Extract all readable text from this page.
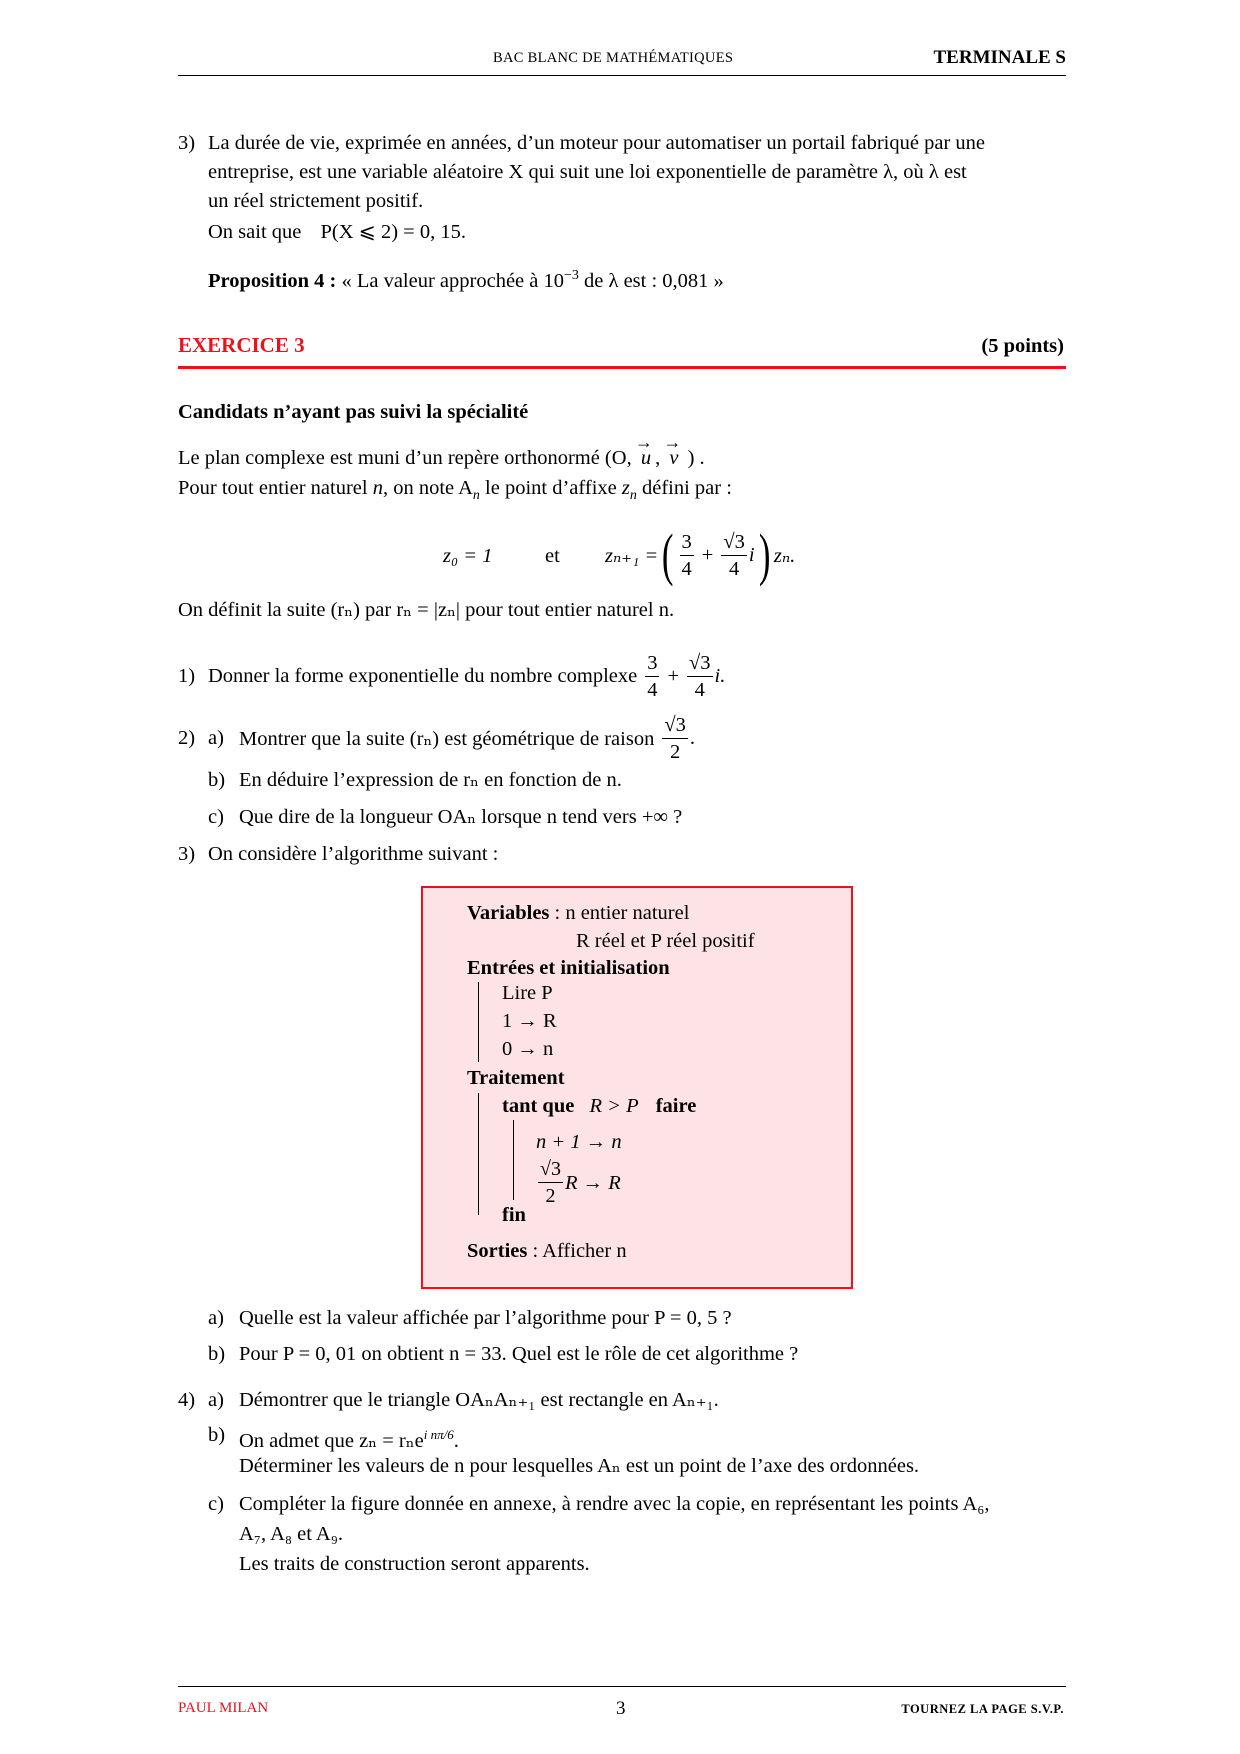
BAC BLANC DE MATHÉMATIQUES	TERMINALE S
3) La durée de vie, exprimée en années, d’un moteur pour automatiser un portail fabriqué par une
entreprise, est une variable aléatoire X qui suit une loi exponentielle de paramètre λ, où λ est
un réel strictement positif.
On sait que P(X ⩽ 2) = 0, 15.
Proposition 4 : « La valeur approchée à $10^{-3}$ de λ est : 0,081 »
EXERCICE 3	(5 points)
Candidats n’ayant pas suivi la spécialité
Le plan complexe est muni d’un repère orthonormé (O,
→
u ,
→
v ) .
Pour tout entier naturel n, on note $A_n$ le point d’affixe $z_n$ défini par :
z₀ = 1	et zₙ₊₁ = ( $\frac{3}{4} + \frac{√3}{4}$ i ) zₙ.
On définit la suite (rₙ) par rₙ = |zₙ| pour tout entier naturel n.
1) Donner la forme exponentielle du nombre complexe $\frac{3}{4} + \frac{√3}{4} i$.
2) a) Montrer que la suite (rₙ) est géométrique de raison $\frac{√3}{2}$ .
b) En déduire l’expression de rₙ en fonction de n.
c) Que dire de la longueur OAₙ lorsque n tend vers +∞ ?
3) On considère l’algorithme suivant :
Variables : n entier naturel
R réel et P réel positif
Entrées et initialisation
Lire P
1 → R
0 → n
Traitement
tant que R > P faire
n + 1 → n
$\frac{√3}{2}$ R → R
fin
Sorties : Afficher n
a) Quelle est la valeur affichée par l’algorithme pour P = 0, 5 ?
b) Pour P = 0, 01 on obtient n = 33. Quel est le rôle de cet algorithme ?
4) a) Démontrer que le triangle OAₙAₙ₊₁ est rectangle en Aₙ₊₁.
b) On admet que zₙ = rₙe$^{i n\pi/6}$.
Déterminer les valeurs de n pour lesquelles Aₙ est un point de l’axe des ordonnées.
c) Compléter la figure donnée en annexe, à rendre avec la copie, en représentant les points A₆,
A₇, A₈ et A₉.
Les traits de construction seront apparents.
PAUL MILAN	3	TOURNEZ LA PAGE S.V.P.
